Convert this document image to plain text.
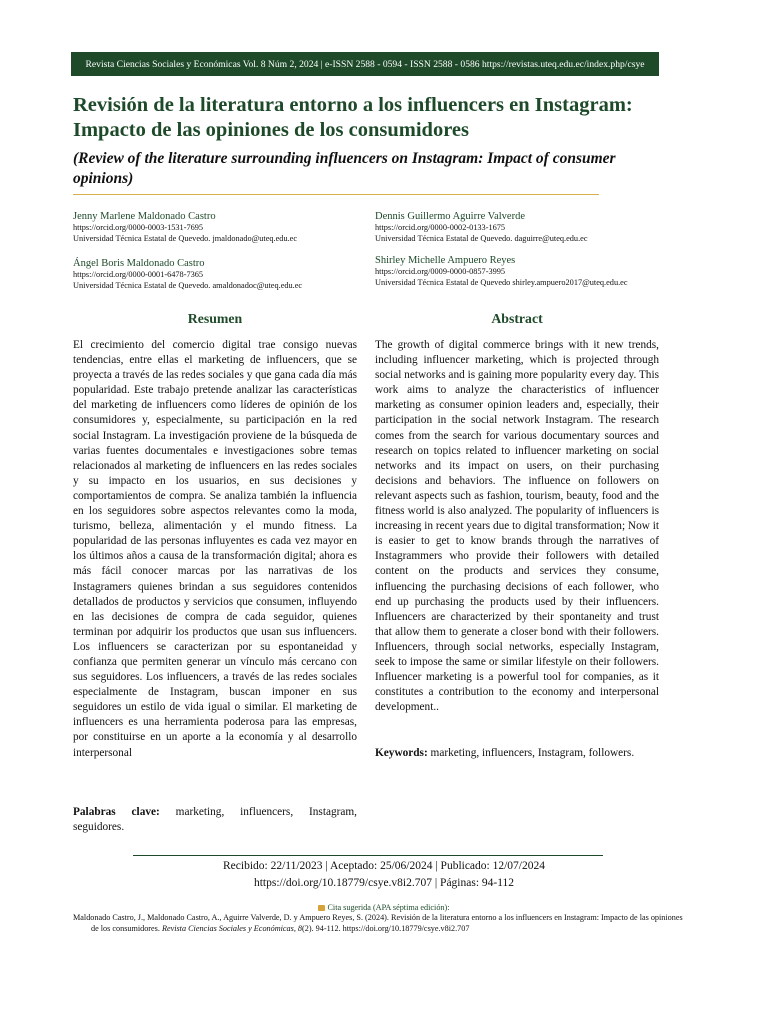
Revista Ciencias Sociales y Económicas Vol. 8 Núm 2, 2024 | e-ISSN 2588 - 0594 - ISSN 2588 - 0586 https://revistas.uteq.edu.ec/index.php/csye
Revisión de la literatura entorno a los influencers en Instagram: Impacto de las opiniones de los consumidores

(Review of the literature surrounding influencers on Instagram: Impact of consumer opinions)

Jenny Marlene Maldonado Castro
https://orcid.org/0000-0003-1531-7695
Universidad Técnica Estatal de Quevedo. jmaldonado@uteq.edu.ec
Dennis Guillermo Aguirre Valverde
https://orcid.org/0000-0002-0133-1675
Universidad Técnica Estatal de Quevedo. daguirre@uteq.edu.ec
Ángel Boris Maldonado Castro
https://orcid.org/0000-0001-6478-7365
Universidad Técnica Estatal de Quevedo. amaldonadoc@uteq.edu.ec
Shirley Michelle Ampuero Reyes
https://orcid.org/0009-0000-0857-3995
Universidad Técnica Estatal de Quevedo shirley.ampuero2017@uteq.edu.ec
Resumen	Abstract

El crecimiento del comercio digital trae consigo nuevas tendencias, entre ellas el marketing de influencers, que se proyecta a través de las redes sociales y que gana cada día más popularidad. Este trabajo pretende analizar las características del marketing de influencers como líderes de opinión de los consumidores y, especialmente, su participación en la red social Instagram. La investigación proviene de la búsqueda de varias fuentes documentales e investigaciones sobre temas relacionados al marketing de influencers en las redes sociales y su impacto en los usuarios, en sus decisiones y comportamientos de compra. Se analiza también la influencia en los seguidores sobre aspectos relevantes como la moda, turismo, belleza, alimentación y el mundo fitness. La popularidad de las personas influyentes es cada vez mayor en los últimos años a causa de la transformación digital; ahora es más fácil conocer marcas por las narrativas de los Instagramers quienes brindan a sus seguidores contenidos detallados de productos y servicios que consumen, influyendo en las decisiones de compra de cada seguidor, quienes terminan por adquirir los productos que usan sus influencers. Los influencers se caracterizan por su espontaneidad y confianza que permiten generar un vínculo más cercano con sus seguidores. Los influencers, a través de las redes sociales especialmente de Instagram, buscan imponer en sus seguidores un estilo de vida igual o similar. El marketing de influencers es una herramienta poderosa para las empresas, por constituirse en un aporte a la economía y al desarrollo interpersonal

The growth of digital commerce brings with it new trends, including influencer marketing, which is projected through social networks and is gaining more popularity every day. This work aims to analyze the characteristics of influencer marketing as consumer opinion leaders and, especially, their participation in the social network Instagram. The research comes from the search for various documentary sources and research on topics related to influencer marketing on social networks and its impact on users, on their purchasing decisions and behaviors. The influence on followers on relevant aspects such as fashion, tourism, beauty, food and the fitness world is also analyzed. The popularity of influencers is increasing in recent years due to digital transformation; Now it is easier to get to know brands through the narratives of Instagrammers who provide their followers with detailed content on the products and services they consume, influencing the purchasing decisions of each follower, who end up purchasing the products used by their influencers. Influencers are characterized by their spontaneity and trust that allow them to generate a closer bond with their followers. Influencers, through social networks, especially Instagram, seek to impose the same or similar lifestyle on their followers. Influencer marketing is a powerful tool for companies, as it constitutes a contribution to the economy and interpersonal development..

Palabras clave: marketing, influencers, Instagram, seguidores.

Keywords: marketing, influencers, Instagram, followers.

Recibido: 22/11/2023 | Aceptado: 25/06/2024 | Publicado: 12/07/2024
https://doi.org/10.18779/csye.v8i2.707 | Páginas: 94-112
Cita sugerida (APA séptima edición):

Maldonado Castro, J., Maldonado Castro, A., Aguirre Valverde, D. y Ampuero Reyes, S. (2024). Revisión de la literatura entorno a los influencers en Instagram: Impacto de las opiniones de los consumidores. Revista Ciencias Sociales y Económicas, 8(2). 94-112. https://doi.org/10.18779/csye.v8i2.707
